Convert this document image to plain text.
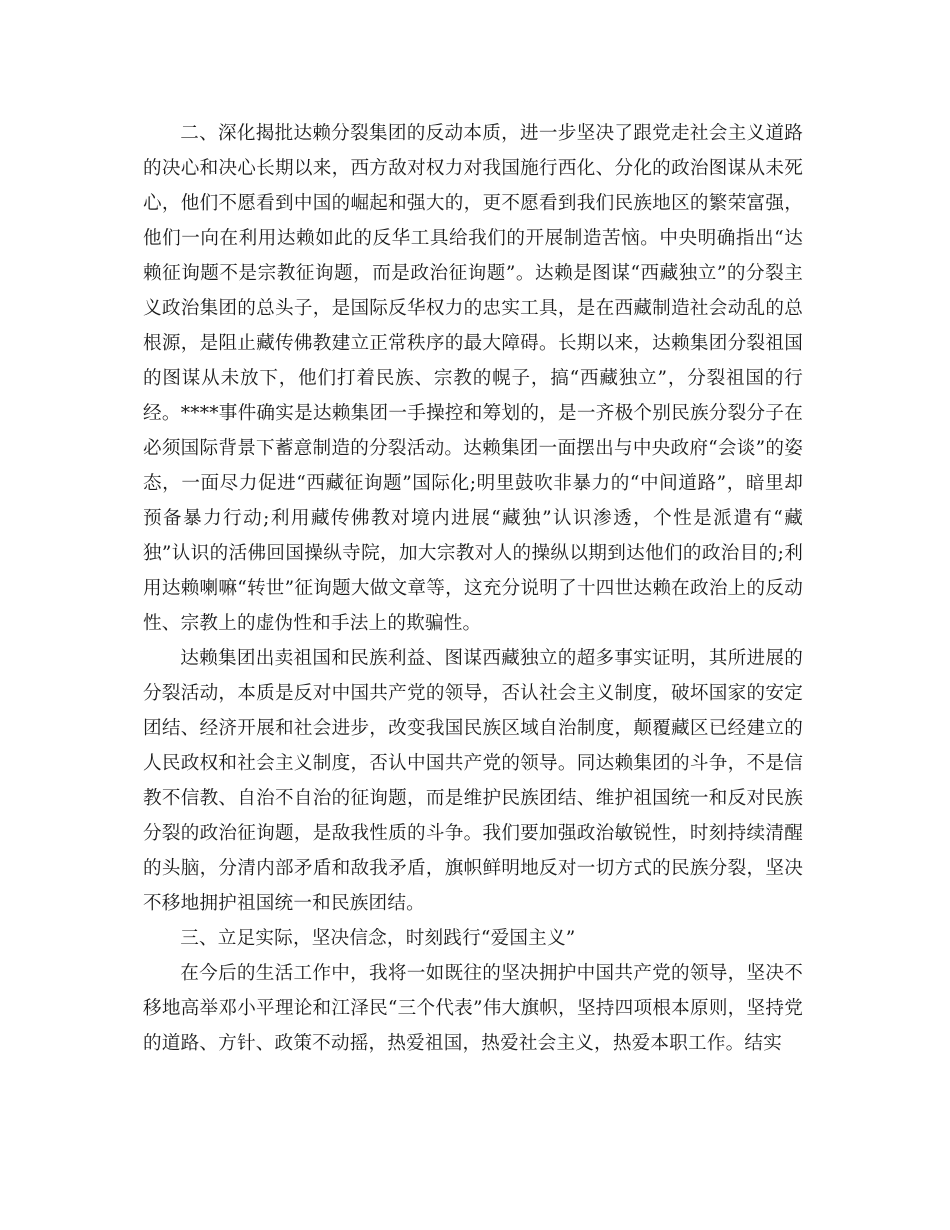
二、深化揭批达赖分裂集团的反动本质，进一步坚决了跟党走社会主义道路的决心和决心长期以来，西方敌对权力对我国施行西化、分化的政治图谋从未死心，他们不愿看到中国的崛起和强大的，更不愿看到我们民族地区的繁荣富强，他们一向在利用达赖如此的反华工具给我们的开展制造苦恼。中央明确指出“达赖征询题不是宗教征询题，而是政治征询题”。达赖是图谋“西藏独立”的分裂主义政治集团的总头子，是国际反华权力的忠实工具，是在西藏制造社会动乱的总根源，是阻止藏传佛教建立正常秩序的最大障碍。长期以来，达赖集团分裂祖国的图谋从未放下，他们打着民族、宗教的幌子，搞“西藏独立”，分裂祖国的行经。****事件确实是达赖集团一手操控和筹划的，是一齐极个别民族分裂分子在必须国际背景下蓄意制造的分裂活动。达赖集团一面摆出与中央政府“会谈”的姿态，一面尽力促进“西藏征询题”国际化;明里鼓吹非暴力的“中间道路”，暗里却预备暴力行动;利用藏传佛教对境内进展“藏独”认识渗透，个性是派遣有“藏独”认识的活佛回国操纵寺院，加大宗教对人的操纵以期到达他们的政治目的;利用达赖喇嘛“转世”征询题大做文章等，这充分说明了十四世达赖在政治上的反动性、宗教上的虚伪性和手法上的欺骗性。

达赖集团出卖祖国和民族利益、图谋西藏独立的超多事实证明，其所进展的分裂活动，本质是反对中国共产党的领导，否认社会主义制度，破坏国家的安定团结、经济开展和社会进步，改变我国民族区域自治制度，颠覆藏区已经建立的人民政权和社会主义制度，否认中国共产党的领导。同达赖集团的斗争，不是信教不信教、自治不自治的征询题，而是维护民族团结、维护祖国统一和反对民族分裂的政治征询题，是敌我性质的斗争。我们要加强政治敏锐性，时刻持续清醒的头脑，分清内部矛盾和敌我矛盾，旗帜鲜明地反对一切方式的民族分裂，坚决不移地拥护祖国统一和民族团结。

三、立足实际，坚决信念，时刻践行“爱国主义”

在今后的生活工作中，我将一如既往的坚决拥护中国共产党的领导，坚决不移地高举邓小平理论和江泽民“三个代表”伟大旗帜，坚持四项根本原则，坚持党的道路、方针、政策不动摇，热爱祖国，热爱社会主义，热爱本职工作。结实
